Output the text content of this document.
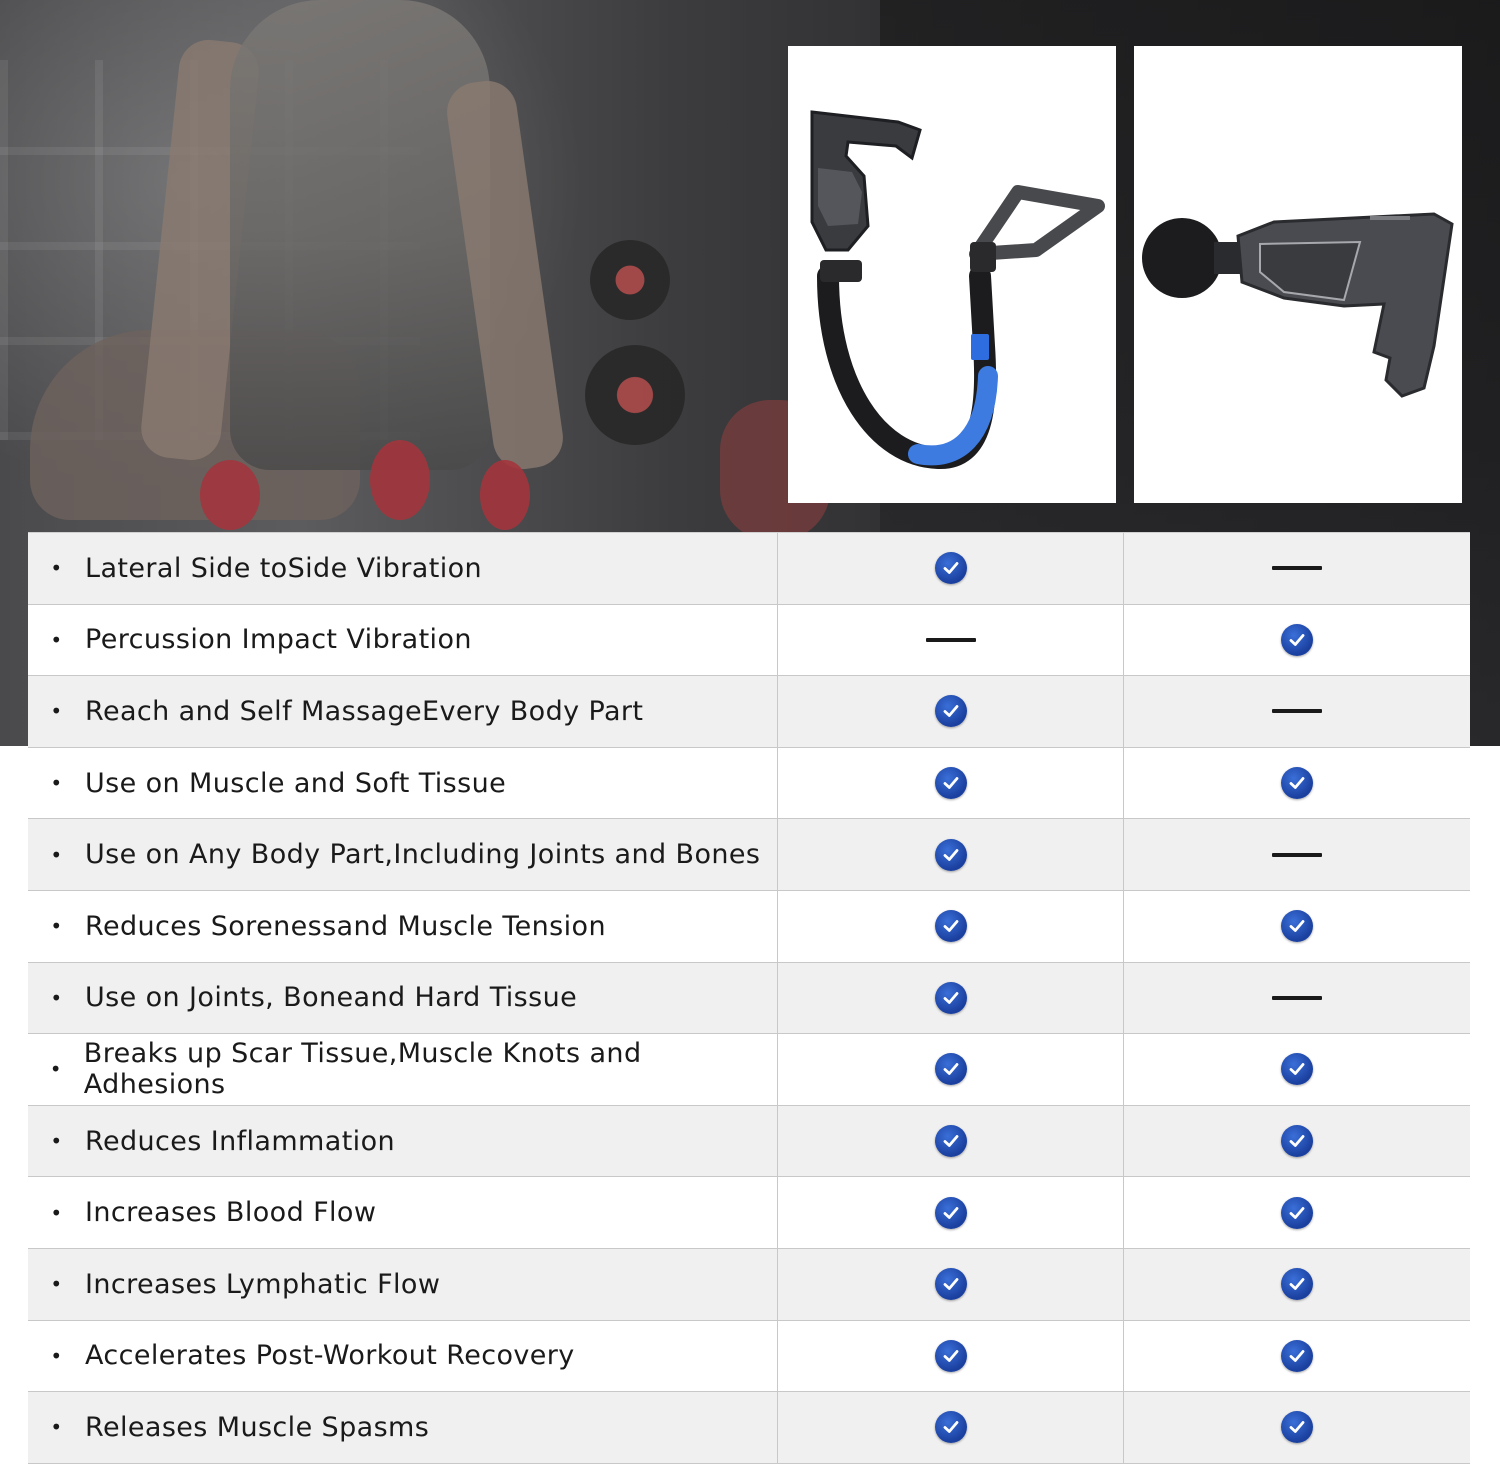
• Lateral Side toSide Vibration
• Percussion Impact Vibration
• Reach and Self MassageEvery Body Part
• Use on Muscle and Soft Tissue
• Use on Any Body Part,Including Joints and Bones
• Reduces Sorenessand Muscle Tension
• Use on Joints, Boneand Hard Tissue
• Breaks up Scar Tissue,Muscle Knots and Adhesions
• Reduces Inflammation
• Increases Blood Flow
• Increases Lymphatic Flow
• Accelerates Post-Workout Recovery
• Releases Muscle Spasms
